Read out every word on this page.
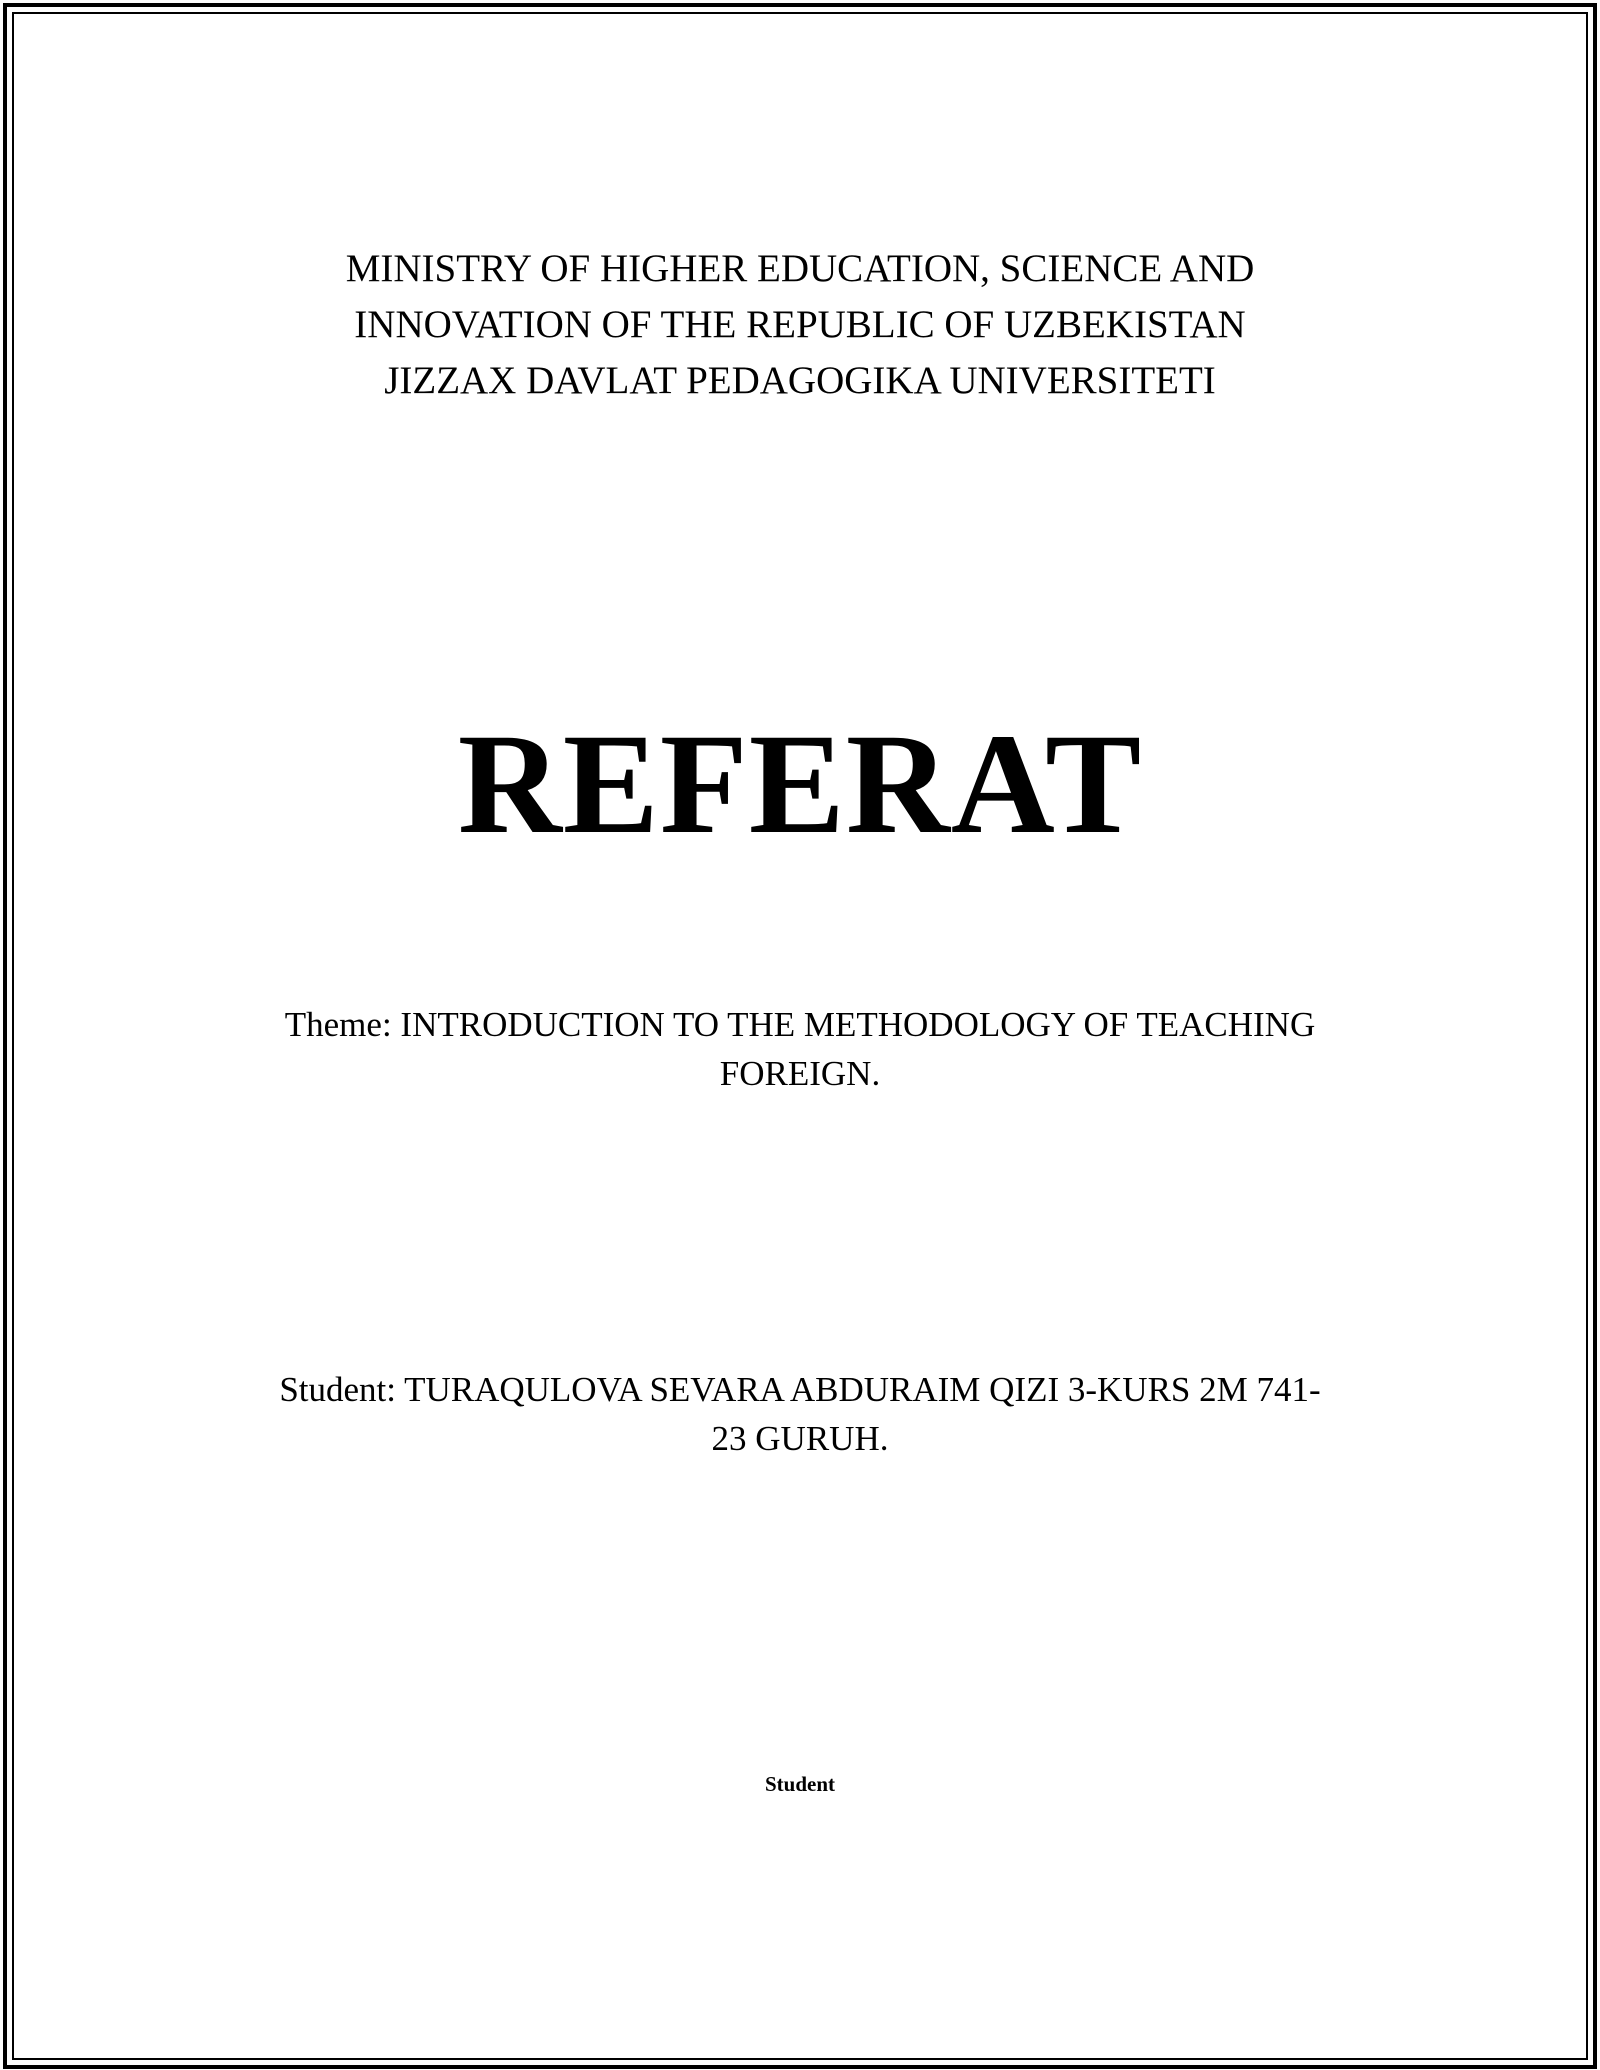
MINISTRY OF HIGHER EDUCATION, SCIENCE AND
INNOVATION OF THE REPUBLIC OF UZBEKISTAN
JIZZAX DAVLAT PEDAGOGIKA UNIVERSITETI
REFERAT
Theme: INTRODUCTION TO THE METHODOLOGY OF TEACHING
FOREIGN.
Student: TURAQULOVA SEVARA ABDURAIM QIZI 3-KURS 2M 741-
23 GURUH.
Student
